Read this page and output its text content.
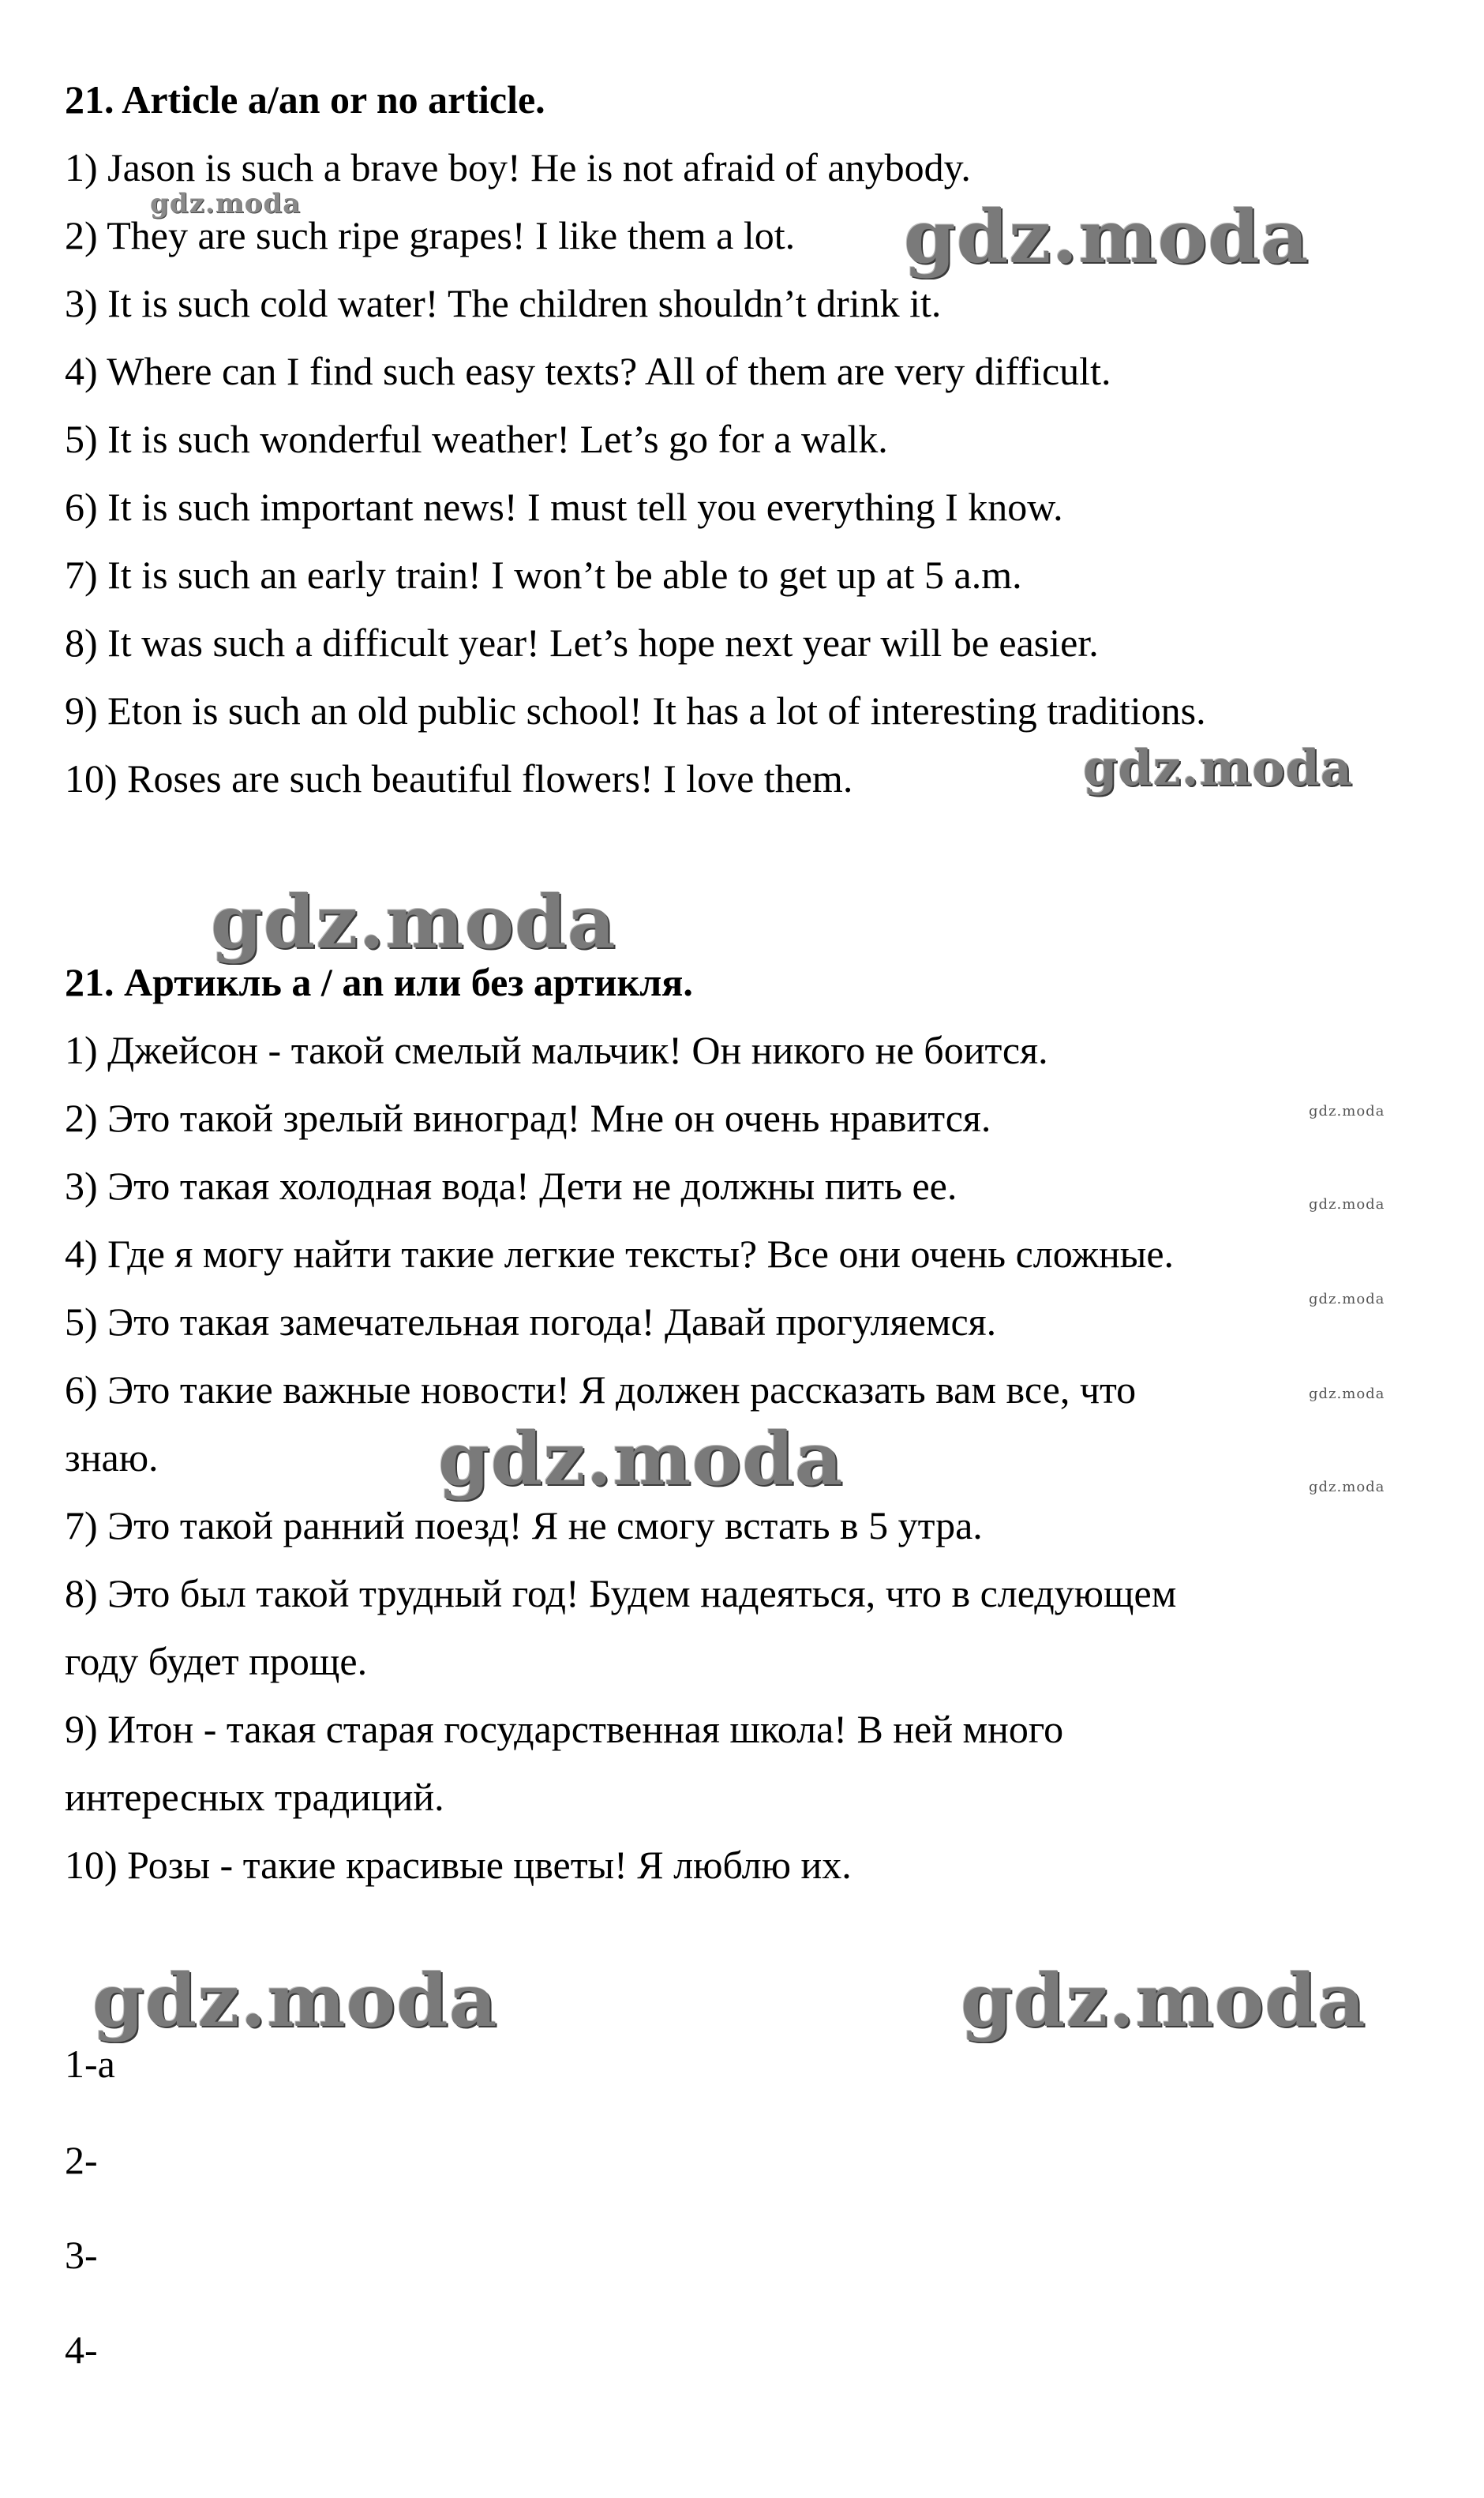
21. Article a/an or no article.
1) Jason is such a brave boy! He is not afraid of anybody.
2) They are such ripe grapes! I like them a lot.
3) It is such cold water! The children shouldn’t drink it.
4) Where can I find such easy texts? All of them are very difficult.
5) It is such wonderful weather! Let’s go for a walk.
6) It is such important news! I must tell you everything I know.
7) It is such an early train! I won’t be able to get up at 5 a.m.
8) It was such a difficult year! Let’s hope next year will be easier.
9) Eton is such an old public school! It has a lot of interesting traditions.
10) Roses are such beautiful flowers! I love them.
21. Артикль a / an или без артикля.
1) Джейсон - такой смелый мальчик! Он никого не боится.
2) Это такой зрелый виноград! Мне он очень нравится.
3) Это такая холодная вода! Дети не должны пить ее.
4) Где я могу найти такие легкие тексты? Все они очень сложные.
5) Это такая замечательная погода! Давай прогуляемся.
6) Это такие важные новости! Я должен рассказать вам все, что
знаю.
7) Это такой ранний поезд! Я не смогу встать в 5 утра.
8) Это был такой трудный год! Будем надеяться, что в следующем
году будет проще.
9) Итон - такая старая государственная школа! В ней много
интересных традиций.
10) Розы - такие красивые цветы! Я люблю их.
1-a
2-
3-
4-
gdz.moda	gdz.moda
gdz.moda
gdz.moda
gdz.moda
gdz.moda
gdz.moda
gdz.moda
gdz.moda	gdz.moda
gdz.moda	gdz.moda
